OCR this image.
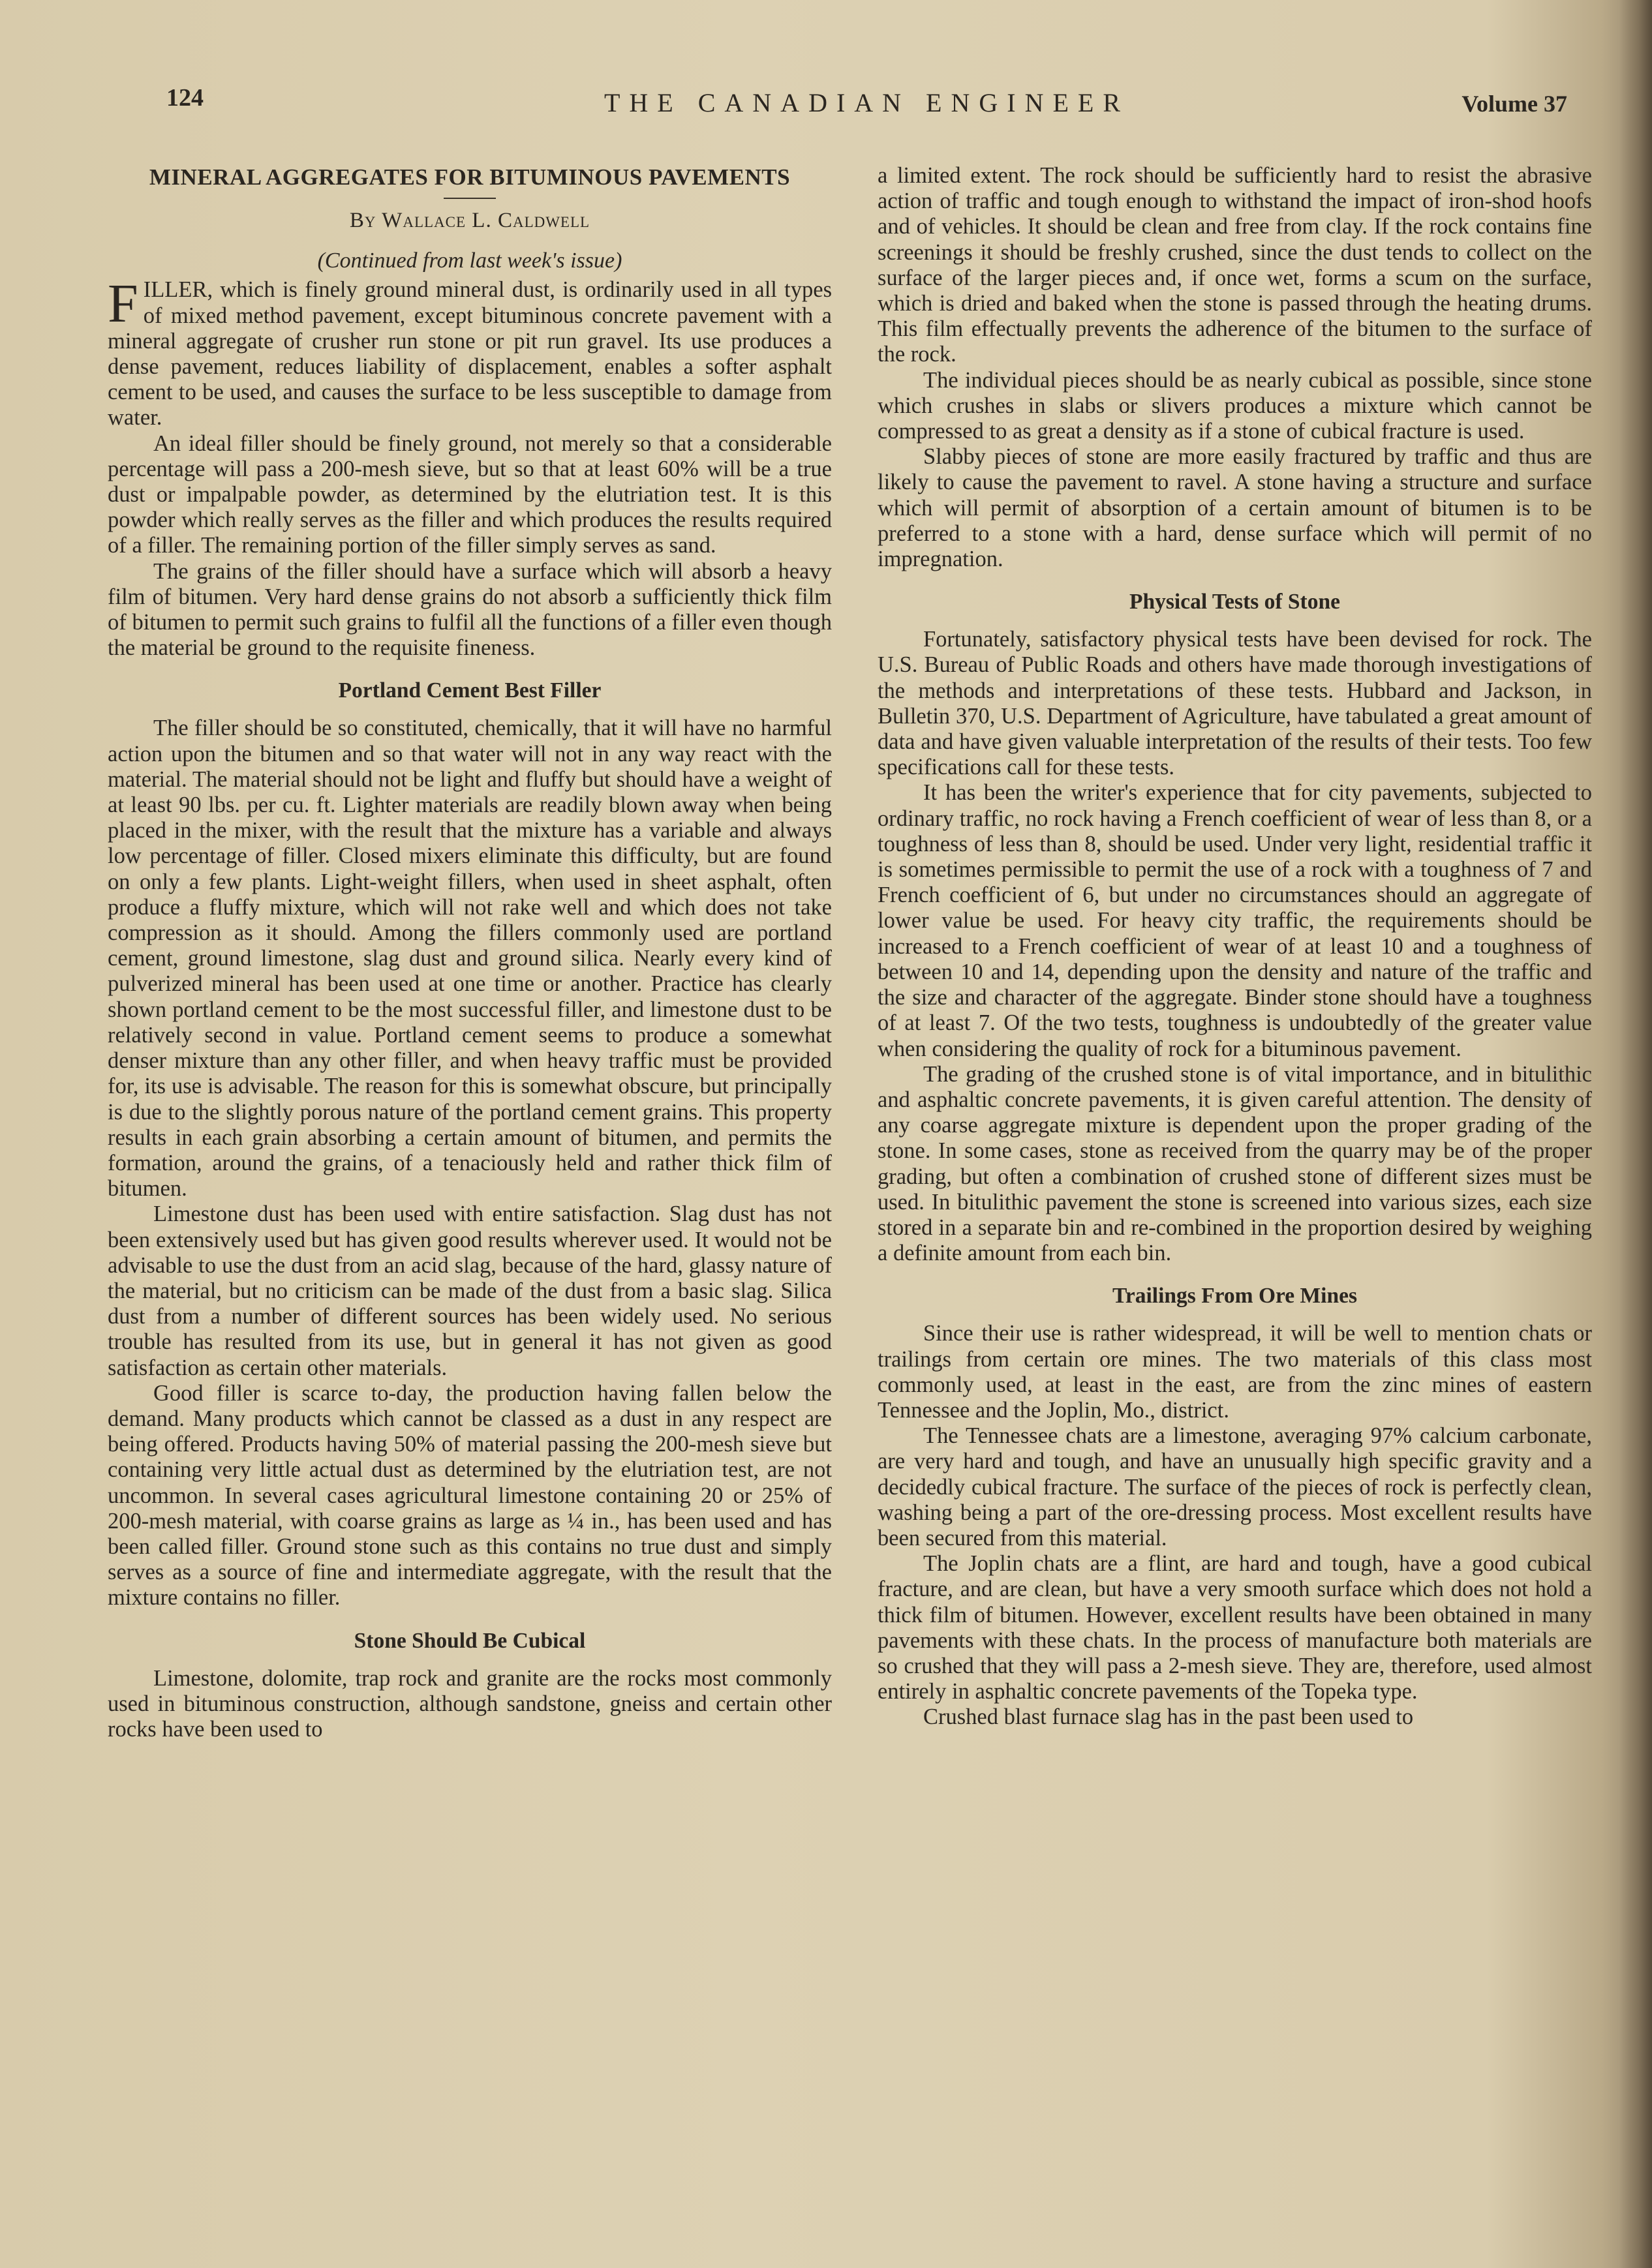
124	THE CANADIAN ENGINEER	Volume 37
MINERAL AGGREGATES FOR BITUMINOUS PAVEMENTS
By Wallace L. Caldwell
(Continued from last week's issue)

FILLER, which is finely ground mineral dust, is ordinarily used in all types of mixed method pavement, except bituminous concrete pavement with a mineral aggregate of crusher run stone or pit run gravel. Its use produces a dense pavement, reduces liability of displacement, enables a softer asphalt cement to be used, and causes the surface to be less susceptible to damage from water.

An ideal filler should be finely ground, not merely so that a considerable percentage will pass a 200-mesh sieve, but so that at least 60% will be a true dust or impalpable powder, as determined by the elutriation test. It is this powder which really serves as the filler and which produces the results required of a filler. The remaining portion of the filler simply serves as sand.

The grains of the filler should have a surface which will absorb a heavy film of bitumen. Very hard dense grains do not absorb a sufficiently thick film of bitumen to permit such grains to fulfil all the functions of a filler even though the material be ground to the requisite fineness.

Portland Cement Best Filler

The filler should be so constituted, chemically, that it will have no harmful action upon the bitumen and so that water will not in any way react with the material. The material should not be light and fluffy but should have a weight of at least 90 lbs. per cu. ft. Lighter materials are readily blown away when being placed in the mixer, with the result that the mixture has a variable and always low percentage of filler. Closed mixers eliminate this difficulty, but are found on only a few plants. Light-weight fillers, when used in sheet asphalt, often produce a fluffy mixture, which will not rake well and which does not take compression as it should. Among the fillers commonly used are portland cement, ground limestone, slag dust and ground silica. Nearly every kind of pulverized mineral has been used at one time or another. Practice has clearly shown portland cement to be the most successful filler, and limestone dust to be relatively second in value. Portland cement seems to produce a somewhat denser mixture than any other filler, and when heavy traffic must be provided for, its use is advisable. The reason for this is somewhat obscure, but principally is due to the slightly porous nature of the portland cement grains. This property results in each grain absorbing a certain amount of bitumen, and permits the formation, around the grains, of a tenaciously held and rather thick film of bitumen.

Limestone dust has been used with entire satisfaction. Slag dust has not been extensively used but has given good results wherever used. It would not be advisable to use the dust from an acid slag, because of the hard, glassy nature of the material, but no criticism can be made of the dust from a basic slag. Silica dust from a number of different sources has been widely used. No serious trouble has resulted from its use, but in general it has not given as good satisfaction as certain other materials.

Good filler is scarce to-day, the production having fallen below the demand. Many products which cannot be classed as a dust in any respect are being offered. Products having 50% of material passing the 200-mesh sieve but containing very little actual dust as determined by the elutriation test, are not uncommon. In several cases agricultural limestone containing 20 or 25% of 200-mesh material, with coarse grains as large as ¼ in., has been used and has been called filler. Ground stone such as this contains no true dust and simply serves as a source of fine and intermediate aggregate, with the result that the mixture contains no filler.

Stone Should Be Cubical

Limestone, dolomite, trap rock and granite are the rocks most commonly used in bituminous construction, although sandstone, gneiss and certain other rocks have been used to

a limited extent. The rock should be sufficiently hard to resist the abrasive action of traffic and tough enough to withstand the impact of iron-shod hoofs and of vehicles. It should be clean and free from clay. If the rock contains fine screenings it should be freshly crushed, since the dust tends to collect on the surface of the larger pieces and, if once wet, forms a scum on the surface, which is dried and baked when the stone is passed through the heating drums. This film effectually prevents the adherence of the bitumen to the surface of the rock.

The individual pieces should be as nearly cubical as possible, since stone which crushes in slabs or slivers produces a mixture which cannot be compressed to as great a density as if a stone of cubical fracture is used.

Slabby pieces of stone are more easily fractured by traffic and thus are likely to cause the pavement to ravel. A stone having a structure and surface which will permit of absorption of a certain amount of bitumen is to be preferred to a stone with a hard, dense surface which will permit of no impregnation.

Physical Tests of Stone

Fortunately, satisfactory physical tests have been devised for rock. The U.S. Bureau of Public Roads and others have made thorough investigations of the methods and interpretations of these tests. Hubbard and Jackson, in Bulletin 370, U.S. Department of Agriculture, have tabulated a great amount of data and have given valuable interpretation of the results of their tests. Too few specifications call for these tests.

It has been the writer's experience that for city pavements, subjected to ordinary traffic, no rock having a French coefficient of wear of less than 8, or a toughness of less than 8, should be used. Under very light, residential traffic it is sometimes permissible to permit the use of a rock with a toughness of 7 and French coefficient of 6, but under no circumstances should an aggregate of lower value be used. For heavy city traffic, the requirements should be increased to a French coefficient of wear of at least 10 and a toughness of between 10 and 14, depending upon the density and nature of the traffic and the size and character of the aggregate. Binder stone should have a toughness of at least 7. Of the two tests, toughness is undoubtedly of the greater value when considering the quality of rock for a bituminous pavement.

The grading of the crushed stone is of vital importance, and in bitulithic and asphaltic concrete pavements, it is given careful attention. The density of any coarse aggregate mixture is dependent upon the proper grading of the stone. In some cases, stone as received from the quarry may be of the proper grading, but often a combination of crushed stone of different sizes must be used. In bitulithic pavement the stone is screened into various sizes, each size stored in a separate bin and re-combined in the proportion desired by weighing a definite amount from each bin.

Trailings From Ore Mines

Since their use is rather widespread, it will be well to mention chats or trailings from certain ore mines. The two materials of this class most commonly used, at least in the east, are from the zinc mines of eastern Tennessee and the Joplin, Mo., district.

The Tennessee chats are a limestone, averaging 97% calcium carbonate, are very hard and tough, and have an unusually high specific gravity and a decidedly cubical fracture. The surface of the pieces of rock is perfectly clean, washing being a part of the ore-dressing process. Most excellent results have been secured from this material.

The Joplin chats are a flint, are hard and tough, have a good cubical fracture, and are clean, but have a very smooth surface which does not hold a thick film of bitumen. However, excellent results have been obtained in many pavements with these chats. In the process of manufacture both materials are so crushed that they will pass a 2-mesh sieve. They are, therefore, used almost entirely in asphaltic concrete pavements of the Topeka type.

Crushed blast furnace slag has in the past been used to
